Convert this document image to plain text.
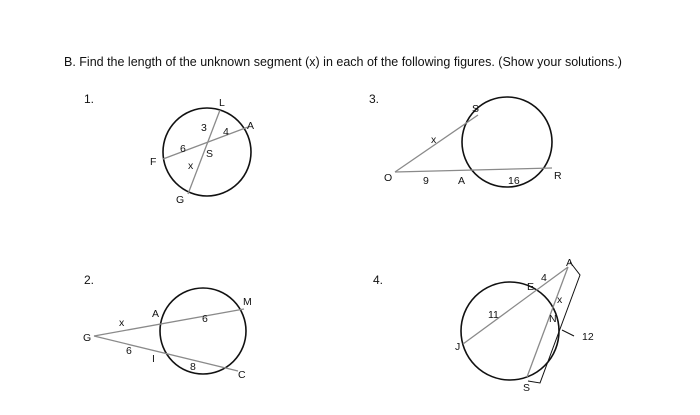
B. Find the length of the unknown segment (x) in each of the following figures. (Show your solutions.)
1.
2.
3.
4.
L
A
F
G
S
3 4
6
x
G
A
M
I
C
x	6
6
8
S
O	A	R
x
9	16
A
E
N
J
S
11
4
x
12
